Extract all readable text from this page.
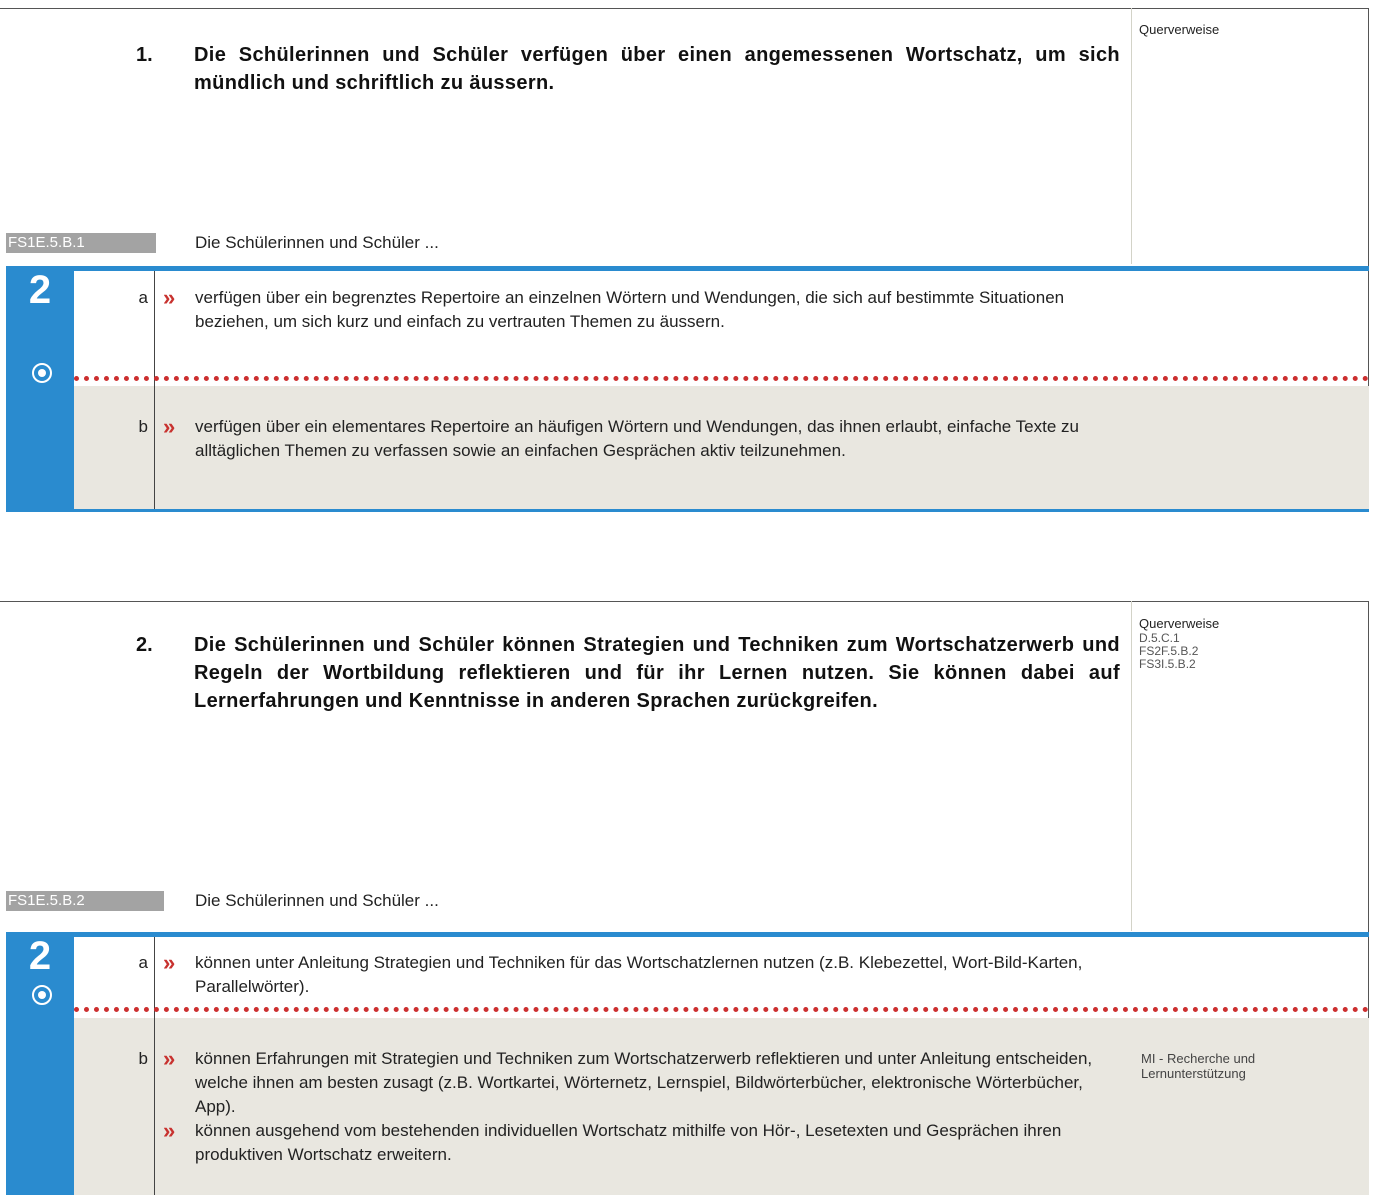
1. Die Schülerinnen und Schüler verfügen über einen angemessenen Wortschatz, um sich mündlich und schriftlich zu äussern.
Querverweise
FS1E.5.B.1	Die Schülerinnen und Schüler ...
2	a » verfügen über ein begrenztes Repertoire an einzelnen Wörtern und Wendungen, die sich auf bestimmte Situationen beziehen, um sich kurz und einfach zu vertrauten Themen zu äussern.
b » verfügen über ein elementares Repertoire an häufigen Wörtern und Wendungen, das ihnen erlaubt, einfache Texte zu alltäglichen Themen zu verfassen sowie an einfachen Gesprächen aktiv teilzunehmen.
2. Die Schülerinnen und Schüler können Strategien und Techniken zum Wortschatzerwerb und Regeln der Wortbildung reflektieren und für ihr Lernen nutzen. Sie können dabei auf Lernerfahrungen und Kenntnisse in anderen Sprachen zurückgreifen.
Querverweise
D.5.C.1
FS2F.5.B.2
FS3I.5.B.2
FS1E.5.B.2	Die Schülerinnen und Schüler ...
2	a » können unter Anleitung Strategien und Techniken für das Wortschatzlernen nutzen (z.B. Klebezettel, Wort-Bild-Karten, Parallelwörter).
b » können Erfahrungen mit Strategien und Techniken zum Wortschatzerwerb reflektieren und unter Anleitung entscheiden, welche ihnen am besten zusagt (z.B. Wortkartei, Wörternetz, Lernspiel, Bildwörterbücher, elektronische Wörterbücher, App).
» können ausgehend vom bestehenden individuellen Wortschatz mithilfe von Hör-, Lesetexten und Gesprächen ihren produktiven Wortschatz erweitern.
MI - Recherche und Lernunterstützung
